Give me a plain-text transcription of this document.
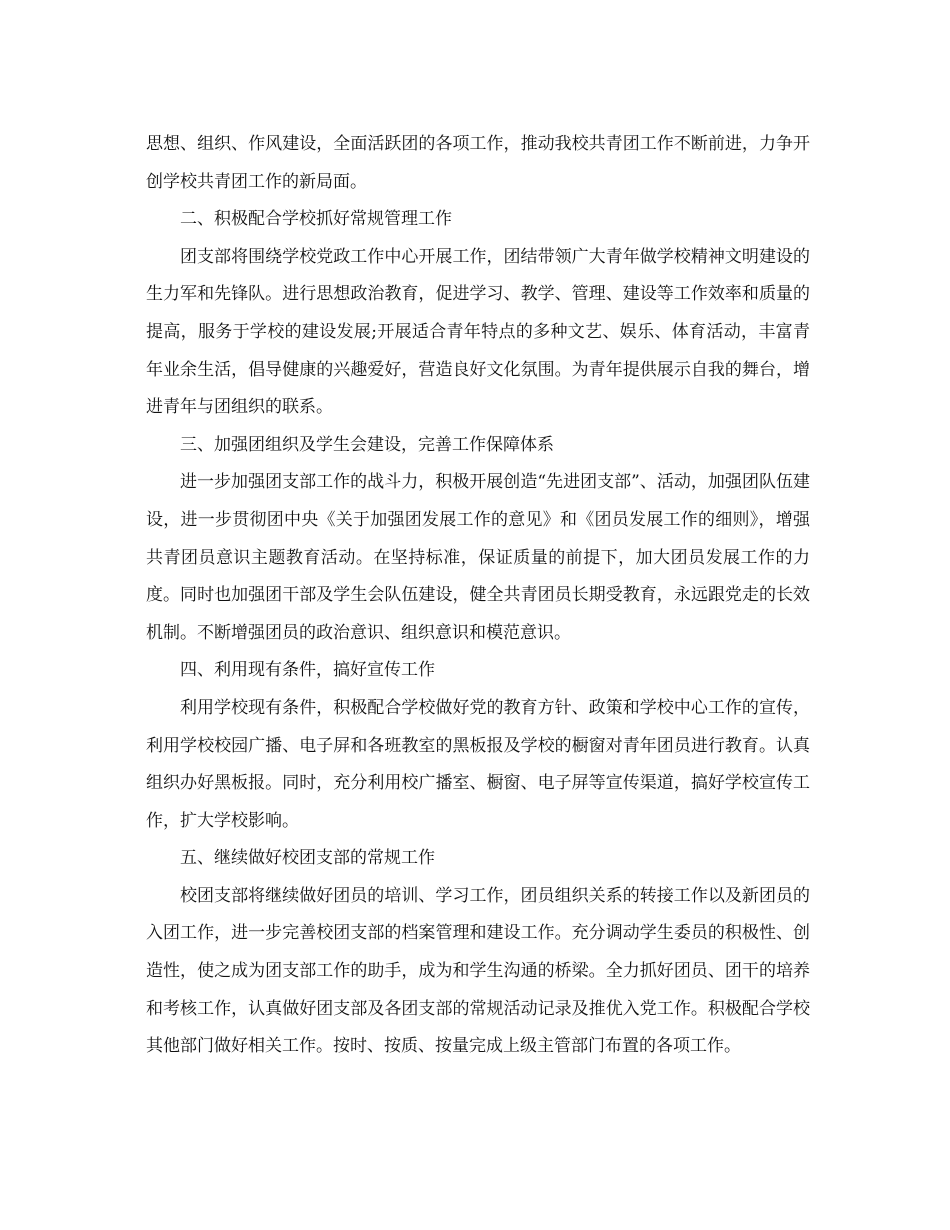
思想、组织、作风建设，全面活跃团的各项工作，推动我校共青团工作不断前进，力争开创学校共青团工作的新局面。

二、积极配合学校抓好常规管理工作

团支部将围绕学校党政工作中心开展工作，团结带领广大青年做学校精神文明建设的生力军和先锋队。进行思想政治教育，促进学习、教学、管理、建设等工作效率和质量的提高，服务于学校的建设发展;开展适合青年特点的多种文艺、娱乐、体育活动，丰富青年业余生活，倡导健康的兴趣爱好，营造良好文化氛围。为青年提供展示自我的舞台，增进青年与团组织的联系。

三、加强团组织及学生会建设，完善工作保障体系

进一步加强团支部工作的战斗力，积极开展创造“先进团支部”、活动，加强团队伍建设，进一步贯彻团中央《关于加强团发展工作的意见》和《团员发展工作的细则》，增强共青团员意识主题教育活动。在坚持标准，保证质量的前提下，加大团员发展工作的力度。同时也加强团干部及学生会队伍建设，健全共青团员长期受教育，永远跟党走的长效机制。不断增强团员的政治意识、组织意识和模范意识。

四、利用现有条件，搞好宣传工作

利用学校现有条件，积极配合学校做好党的教育方针、政策和学校中心工作的宣传，利用学校校园广播、电子屏和各班教室的黑板报及学校的橱窗对青年团员进行教育。认真组织办好黑板报。同时，充分利用校广播室、橱窗、电子屏等宣传渠道，搞好学校宣传工作，扩大学校影响。

五、继续做好校团支部的常规工作

校团支部将继续做好团员的培训、学习工作，团员组织关系的转接工作以及新团员的入团工作，进一步完善校团支部的档案管理和建设工作。充分调动学生委员的积极性、创造性，使之成为团支部工作的助手，成为和学生沟通的桥梁。全力抓好团员、团干的培养和考核工作，认真做好团支部及各团支部的常规活动记录及推优入党工作。积极配合学校其他部门做好相关工作。按时、按质、按量完成上级主管部门布置的各项工作。
